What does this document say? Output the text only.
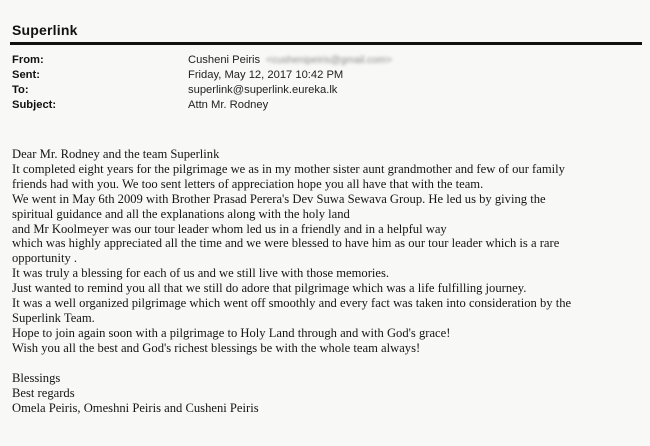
Superlink
From:	Cusheni Peiris <cushenipeiris@gmail.com>
Sent:	Friday, May 12, 2017 10:42 PM
To:	superlink@superlink.eureka.lk
Subject:	Attn Mr. Rodney

Dear Mr. Rodney and the team Superlink

It completed eight years for the pilgrimage we as in my mother sister aunt grandmother and few of our family

friends had with you. We too sent letters of appreciation hope you all have that with the team.

We went in May 6th 2009 with Brother Prasad Perera's Dev Suwa Sewava Group. He led us by giving the

spiritual guidance and all the explanations along with the holy land

and Mr Koolmeyer was our tour leader whom led us in a friendly and in a helpful way

which was highly appreciated all the time and we were blessed to have him as our tour leader which is a rare

opportunity .

It was truly a blessing for each of us and we still live with those memories.

Just wanted to remind you all that we still do adore that pilgrimage which was a life fulfilling journey.

It was a well organized pilgrimage which went off smoothly and every fact was taken into consideration by the

Superlink Team.

Hope to join again soon with a pilgrimage to Holy Land through and with God's grace!

Wish you all the best and God's richest blessings be with the whole team always!

Blessings

Best regards

Omela Peiris, Omeshni Peiris and Cusheni Peiris
